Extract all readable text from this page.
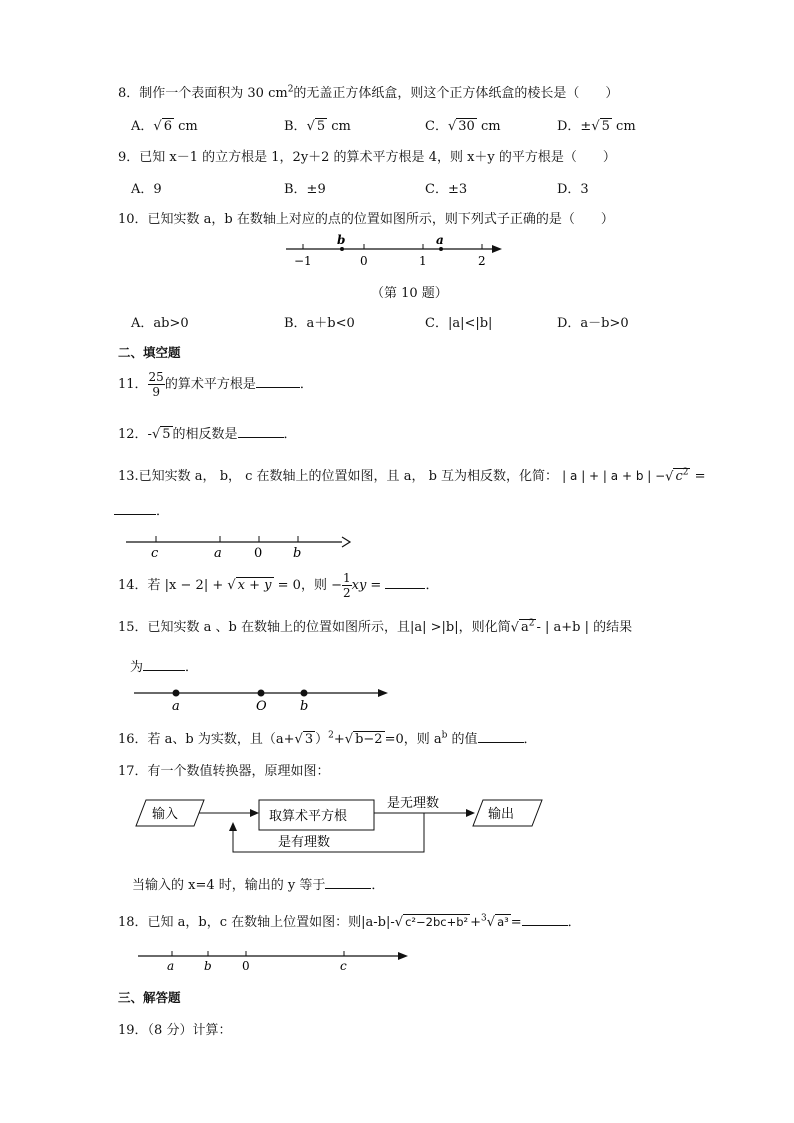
8．制作一个表面积为 30 $cm^2$的无盖正方体纸盒，则这个正方体纸盒的棱长是（　　）
A．√ 6 cm	B．√ 5 cm	C．√ 30 cm	D．±√ 5 cm
9．已知 x－1 的立方根是 1，2y＋2 的算术平方根是 4，则 x＋y 的平方根是（　　）
A．9	B．±9	C．±3	D．3
10．已知实数 a，b 在数轴上对应的点的位置如图所示，则下列式子正确的是（　　）
b	a
−1	0	1	2
（第 10 题）
A．ab>0	B．a＋b<0	C．|a|<|b|	D．a－b>0
二、填空题
11． $\frac{25}{9}$ 的算术平方根是	．
12．-√ 5 的相反数是	．
13.已知实数 a， b， c 在数轴上的位置如图，且 a， b 互为相反数，化简： | a | + | a + b | −√ $c^2$ =
．
c	a 0 b
14．若 |x − 2| + √ x + y = 0，则 − $\frac{1}{2}$ xy =	．
15．已知实数 a 、b 在数轴上的位置如图所示，且|a| >|b|，则化简√ $a^2$ - | a+b | 的结果
为	．
a	O	b
16．若 a、b 为实数，且（a+√ 3 ）$^2$+√ b−2 =0，则 $a^b$ 的值	．
17．有一个数值转换器，原理如图：
输入	取算术平方根
是无理数
输出
是有理数
当输入的 x=4 时，输出的 y 等于	．
18．已知 a，b，c 在数轴上位置如图：则|a-b|-√ c²−2bc+b² +$^3$√ a³ =	．
a b	0	c
三、解答题
19．（8 分）计算：
